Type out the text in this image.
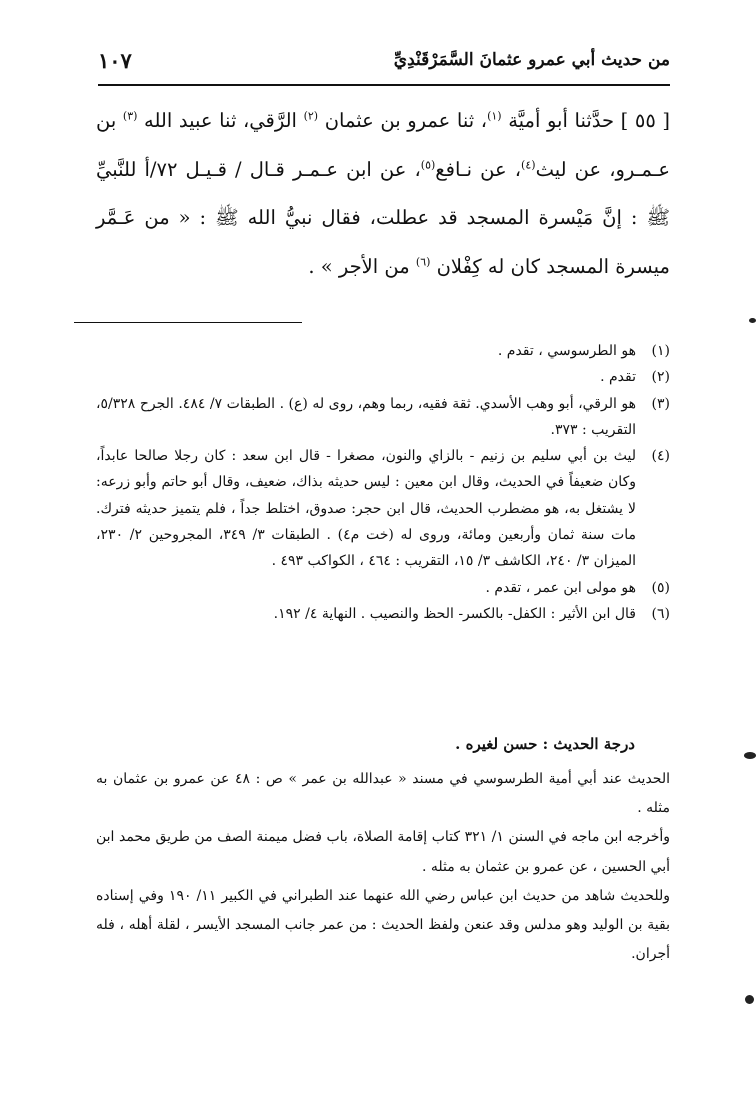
من حديث أبي عمرو عثمانَ السَّمَرْقَنْدِيِّ
١٠٧

[ ٥٥ ] حدَّثنا أبو أميَّة $^{(١)}$، ثنا عمرو بن عثمان $^{(٢)}$ الرَّقي، ثنا عبيد الله $^{(٣)}$ بن عـمـرو، عن ليث$^{(٤)}$، عن نـافع$^{(٥)}$، عن ابن عـمـر قـال / قـيـل ٧٢/أ للنَّبيِّ ﷺ : إنَّ مَيْسرة المسجد قد عطلت، فقال نبيُّ الله ﷺ : « من عَـمَّر ميسرة المسجد كان له كِفْلان $^{(٦)}$ من الأجر » .

(١)
هو الطرسوسي ، تقدم .
(٢)
تقدم .
(٣)
هو الرقي، أبو وهب الأسدي. ثقة فقيه، ربما وهم، روى له (ع) . الطبقات ٧/ ٤٨٤. الجرح ٥/٣٢٨، التقريب : ٣٧٣.
(٤)
ليث بن أبي سليم بن زنيم - بالزاي والنون، مصغرا - قال ابن سعد : كان رجلا صالحا عابداً، وكان ضعيفاً في الحديث، وقال ابن معين : ليس حديثه بذاك، ضعيف، وقال أبو حاتم وأبو زرعه: لا يشتغل به، هو مضطرب الحديث، قال ابن حجر: صدوق، اختلط جداً ، فلم يتميز حديثه فترك. مات سنة ثمان وأربعين ومائة، وروى له (خت م٤) . الطبقات ٣/ ٣٤٩، المجروحين ٢/ ٢٣٠، الميزان ٣/ ٢٤٠، الكاشف ٣/ ١٥، التقريب : ٤٦٤ ، الكواكب ٤٩٣ .
(٥)
هو مولى ابن عمر ، تقدم .
(٦)
قال ابن الأثير : الكفل- بالكسر- الحظ والنصيب . النهاية ٤/ ١٩٢.
درجة الحديث : حسن لغيره .

الحديث عند أبي أمية الطرسوسي في مسند « عبدالله بن عمر » ص : ٤٨ عن عمرو بن عثمان به مثله .

وأخرجه ابن ماجه في السنن ١/ ٣٢١ كتاب إقامة الصلاة، باب فضل ميمنة الصف من طريق محمد ابن أبي الحسين ، عن عمرو بن عثمان به مثله .

وللحديث شاهد من حديث ابن عباس رضي الله عنهما عند الطبراني في الكبير ١١/ ١٩٠ وفي إسناده بقية بن الوليد وهو مدلس وقد عنعن ولفظ الحديث : من عمر جانب المسجد الأيسر ، لقلة أهله ، فله أجران.
